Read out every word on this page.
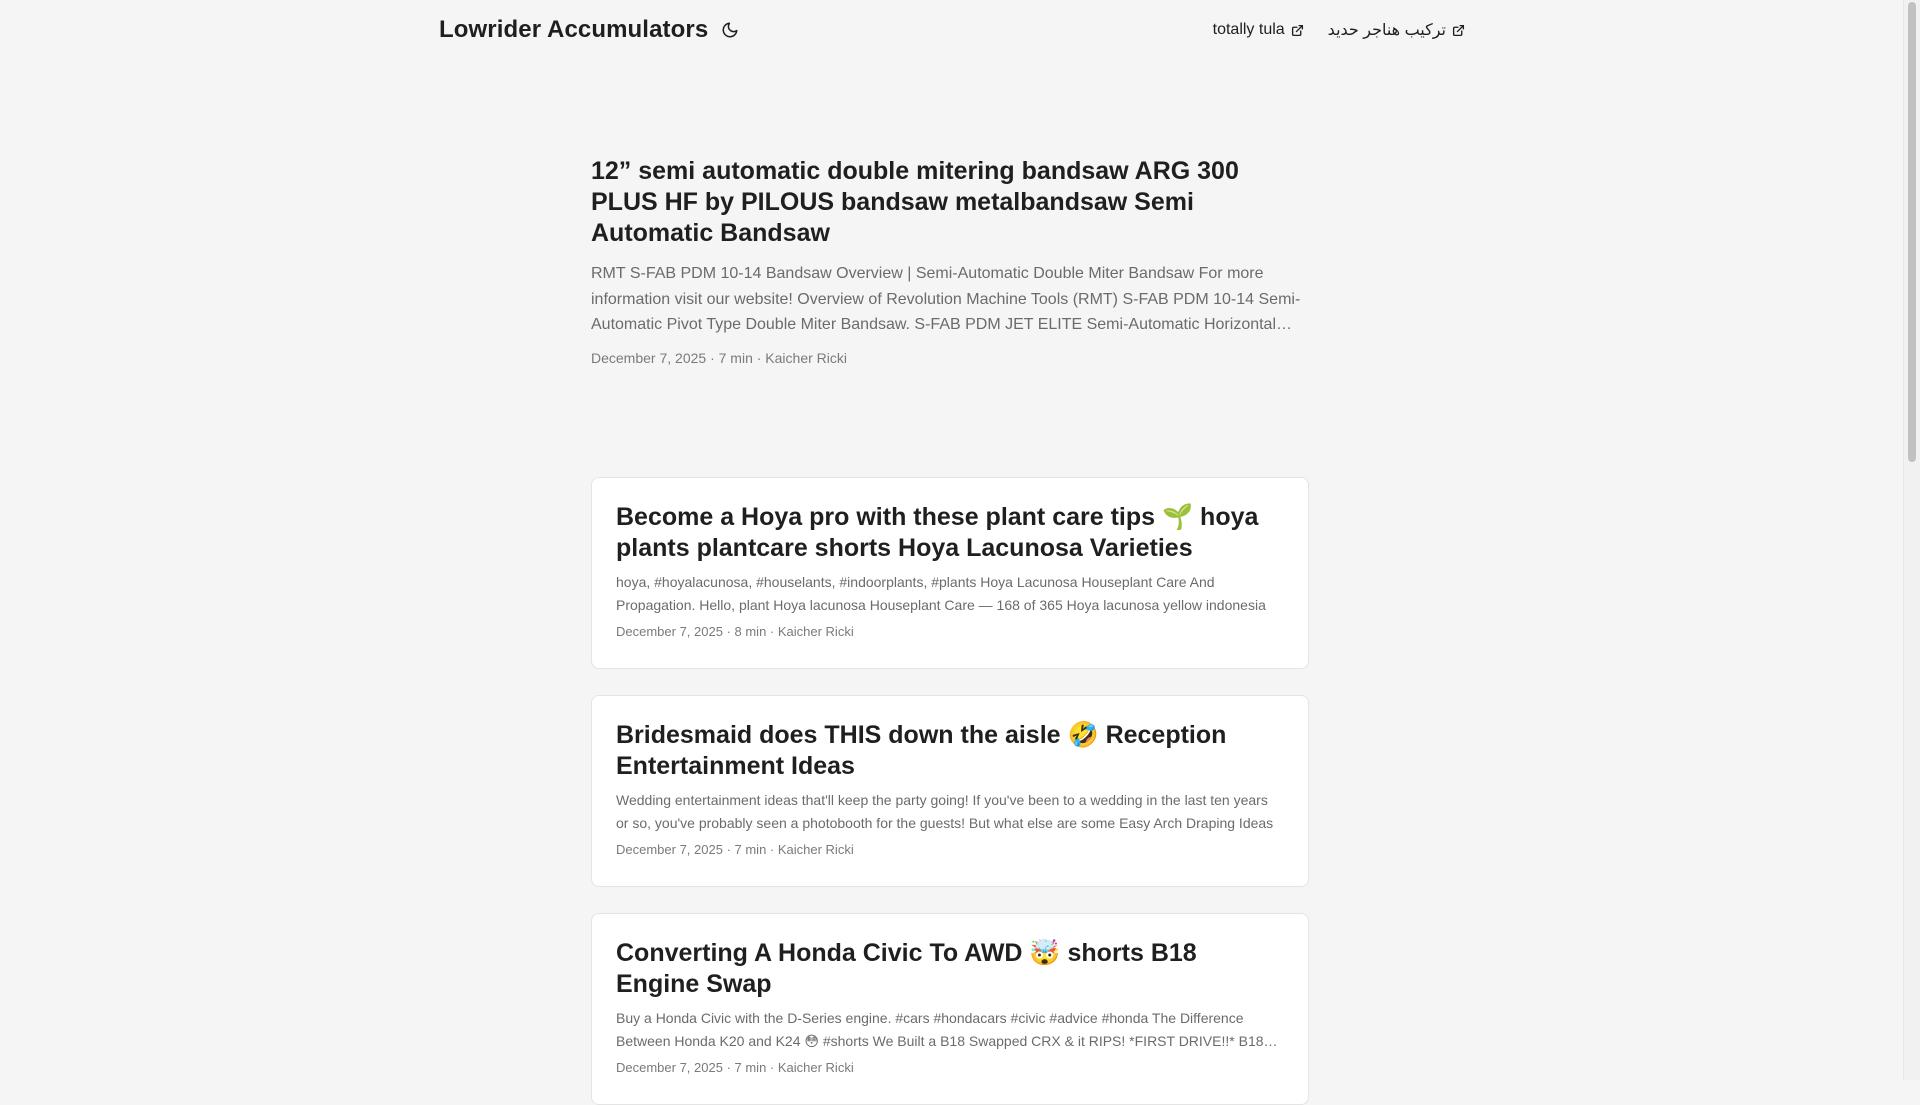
Lowrider Accumulators	totally tula	تركيب هناجر حديد
12” semi automatic double mitering bandsaw ARG 300 PLUS HF by PILOUS bandsaw metalbandsaw Semi Automatic Bandsaw
RMT S-FAB PDM 10-14 Bandsaw Overview | Semi-Automatic Double Miter Bandsaw For more information visit our website! Overview of Revolution Machine Tools (RMT) S-FAB PDM 10-14 Semi-Automatic Pivot Type Double Miter Bandsaw. S-FAB PDM JET ELITE Semi-Automatic Horizontal
December 7, 2025 · 7 min · Kaicher Ricki
Become a Hoya pro with these plant care tips 🌱 hoya plants plantcare shorts Hoya Lacunosa Varieties
hoya, #hoyalacunosa, #houselants, #indoorplants, #plants Hoya Lacunosa Houseplant Care And Propagation. Hello, plant Hoya lacunosa Houseplant Care — 168 of 365 Hoya lacunosa yellow indonesia
December 7, 2025 · 8 min · Kaicher Ricki
Bridesmaid does THIS down the aisle 🤣 Reception Entertainment Ideas
Wedding entertainment ideas that'll keep the party going! If you've been to a wedding in the last ten years or so, you've probably seen a photobooth for the guests! But what else are some Easy Arch Draping Ideas
December 7, 2025 · 7 min · Kaicher Ricki
Converting A Honda Civic To AWD 🤯 shorts B18 Engine Swap
Buy a Honda Civic with the D-Series engine. #cars #hondacars #civic #advice #honda The Difference Between Honda K20 and K24 😳 #shorts We Built a B18 Swapped CRX & it RIPS! *FIRST DRIVE!!* B18
December 7, 2025 · 7 min · Kaicher Ricki
